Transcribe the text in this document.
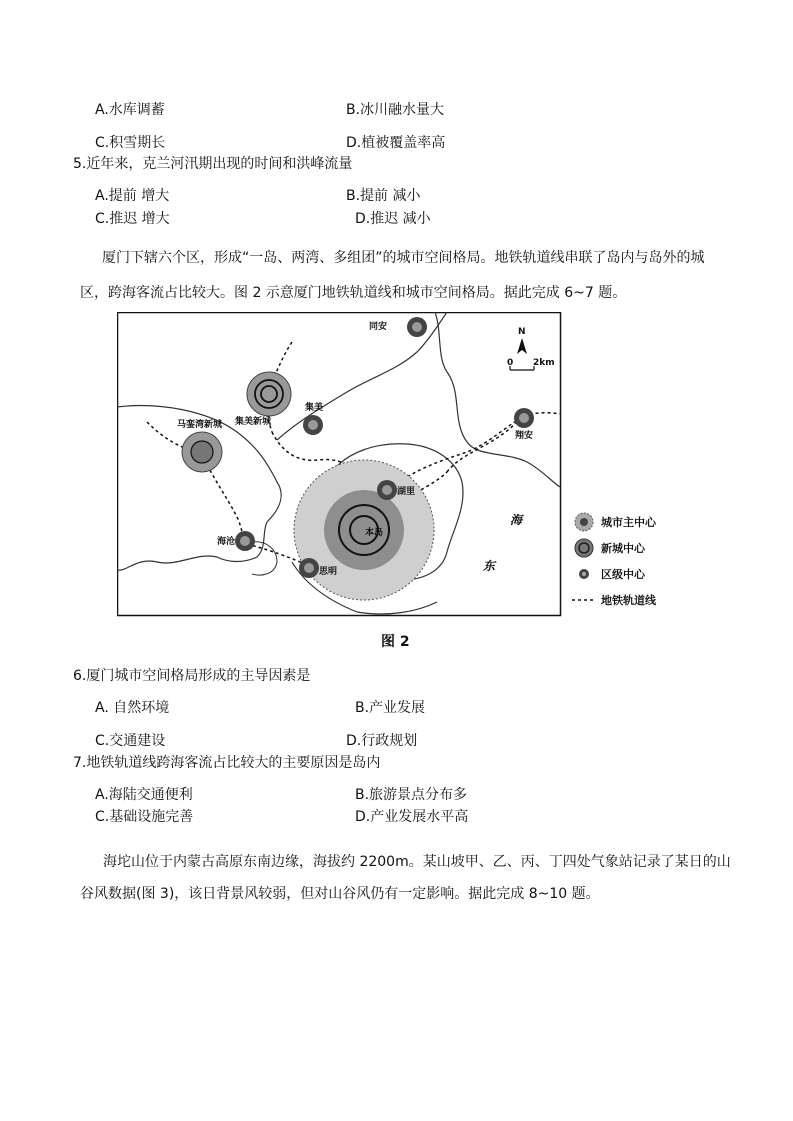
A.水库调蓄	B.冰川融水量大
C.积雪期长	D.植被覆盖率高
5.近年来，克兰河汛期出现的时间和洪峰流量
A.提前 增大	B.提前 减小
C.推迟 增大	D.推迟 减小
厦门下辖六个区，形成“一岛、两湾、多组团”的城市空间格局。地铁轨道线串联了岛内与岛外的城
区，跨海客流占比较大。图 2 示意厦门地铁轨道线和城市空间格局。据此完成 6~7 题。
同安
集美新城
集美
马銮湾新城
翔安
湖里
本岛
思明
海沧
海
东
N
0 2km
城市主中心
新城中心
区级中心
地铁轨道线
图 2
6.厦门城市空间格局形成的主导因素是
A. 自然环境	B.产业发展
C.交通建设	D.行政规划
7.地铁轨道线跨海客流占比较大的主要原因是岛内
A.海陆交通便利	B.旅游景点分布多
C.基础设施完善	D.产业发展水平高
海坨山位于内蒙古高原东南边缘，海拔约 2200m。某山坡甲、乙、丙、丁四处气象站记录了某日的山
谷风数据(图 3)，该日背景风较弱，但对山谷风仍有一定影响。据此完成 8~10 题。
